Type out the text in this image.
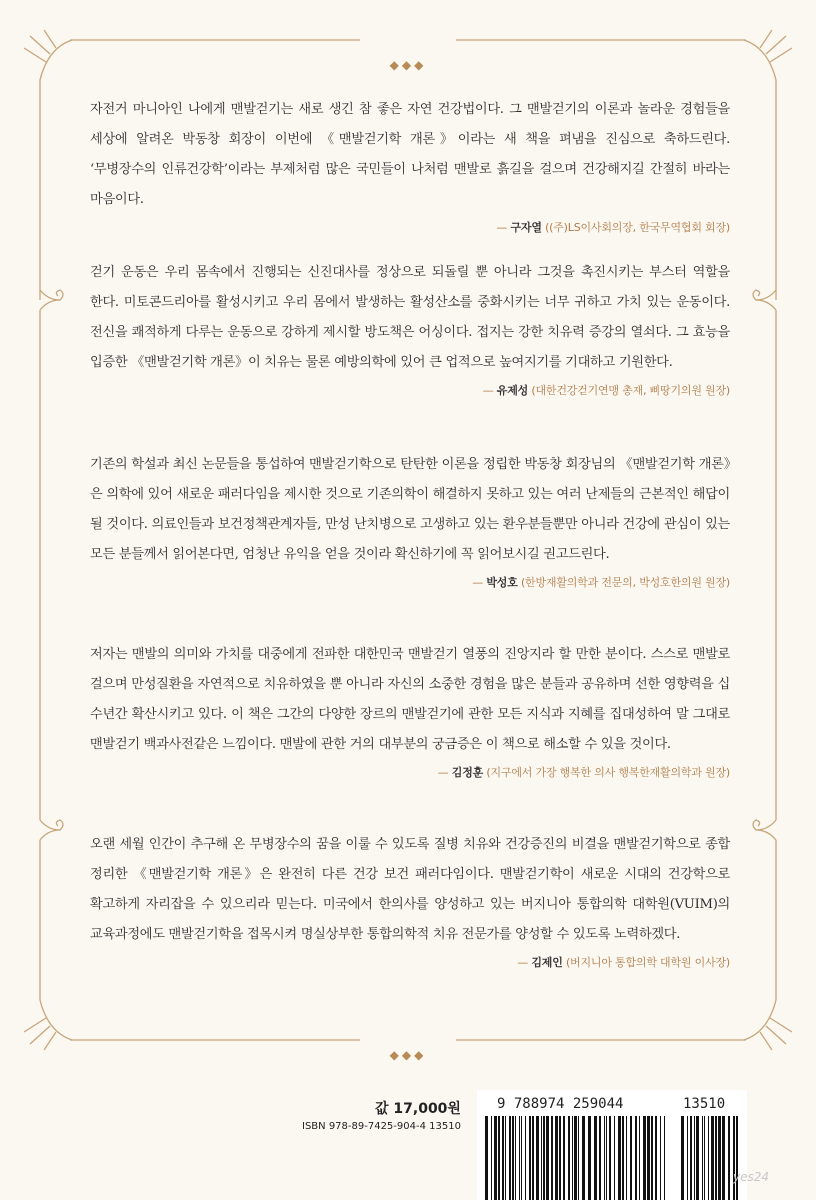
◆◆◆
◆◆◆

자전거 마니아인 나에게 맨발걷기는 새로 생긴 참 좋은 자연 건강법이다. 그 맨발걷기의 이론과 놀라운 경험들을 세상에 알려온 박동창 회장이 이번에 《맨발걷기학 개론》이라는 새 책을 펴냄을 진심으로 축하드린다. ‘무병장수의 인류건강학’이라는 부제처럼 많은 국민들이 나처럼 맨발로 흙길을 걸으며 건강해지길 간절히 바라는 마음이다.

— 구자열 ((주)LS이사회의장, 한국무역협회 회장)

걷기 운동은 우리 몸속에서 진행되는 신진대사를 정상으로 되돌릴 뿐 아니라 그것을 촉진시키는 부스터 역할을 한다. 미토콘드리아를 활성시키고 우리 몸에서 발생하는 활성산소를 중화시키는 너무 귀하고 가치 있는 운동이다. 전신을 쾌적하게 다루는 운동으로 강하게 제시할 방도책은 어싱이다. 접지는 강한 치유력 증강의 열쇠다. 그 효능을 입증한 《맨발걷기학 개론》이 치유는 물론 예방의학에 있어 큰 업적으로 높여지기를 기대하고 기원한다.

— 유제성 (대한건강걷기연맹 총재, 삐땅기의원 원장)

기존의 학설과 최신 논문들을 통섭하여 맨발걷기학으로 탄탄한 이론을 정립한 박동창 회장님의 《맨발걷기학 개론》은 의학에 있어 새로운 패러다임을 제시한 것으로 기존의학이 해결하지 못하고 있는 여러 난제들의 근본적인 해답이 될 것이다. 의료인들과 보건정책관계자들, 만성 난치병으로 고생하고 있는 환우분들뿐만 아니라 건강에 관심이 있는 모든 분들께서 읽어본다면, 엄청난 유익을 얻을 것이라 확신하기에 꼭 읽어보시길 권고드린다.

— 박성호 (한방재활의학과 전문의, 박성호한의원 원장)

저자는 맨발의 의미와 가치를 대중에게 전파한 대한민국 맨발걷기 열풍의 진앙지라 할 만한 분이다. 스스로 맨발로 걸으며 만성질환을 자연적으로 치유하였을 뿐 아니라 자신의 소중한 경험을 많은 분들과 공유하며 선한 영향력을 십 수년간 확산시키고 있다. 이 책은 그간의 다양한 장르의 맨발걷기에 관한 모든 지식과 지혜를 집대성하여 말 그대로 맨발걷기 백과사전같은 느낌이다. 맨발에 관한 거의 대부분의 궁금증은 이 책으로 해소할 수 있을 것이다.

— 김정훈 (지구에서 가장 행복한 의사 행복한재활의학과 원장)

오랜 세월 인간이 추구해 온 무병장수의 꿈을 이룰 수 있도록 질병 치유와 건강증진의 비결을 맨발걷기학으로 종합 정리한 《맨발걷기학 개론》은 완전히 다른 건강 보건 패러다임이다. 맨발걷기학이 새로운 시대의 건강학으로 확고하게 자리잡을 수 있으리라 믿는다. 미국에서 한의사를 양성하고 있는 버지니아 통합의학 대학원(VUIM)의 교육과정에도 맨발걷기학을 접목시켜 명실상부한 통합의학적 치유 전문가를 양성할 수 있도록 노력하겠다.

— 김제인 (버지니아 통합의학 대학원 이사장)
값 17,000원
ISBN 978-89-7425-904-4 13510
9 788974 259044	13510
yes24
